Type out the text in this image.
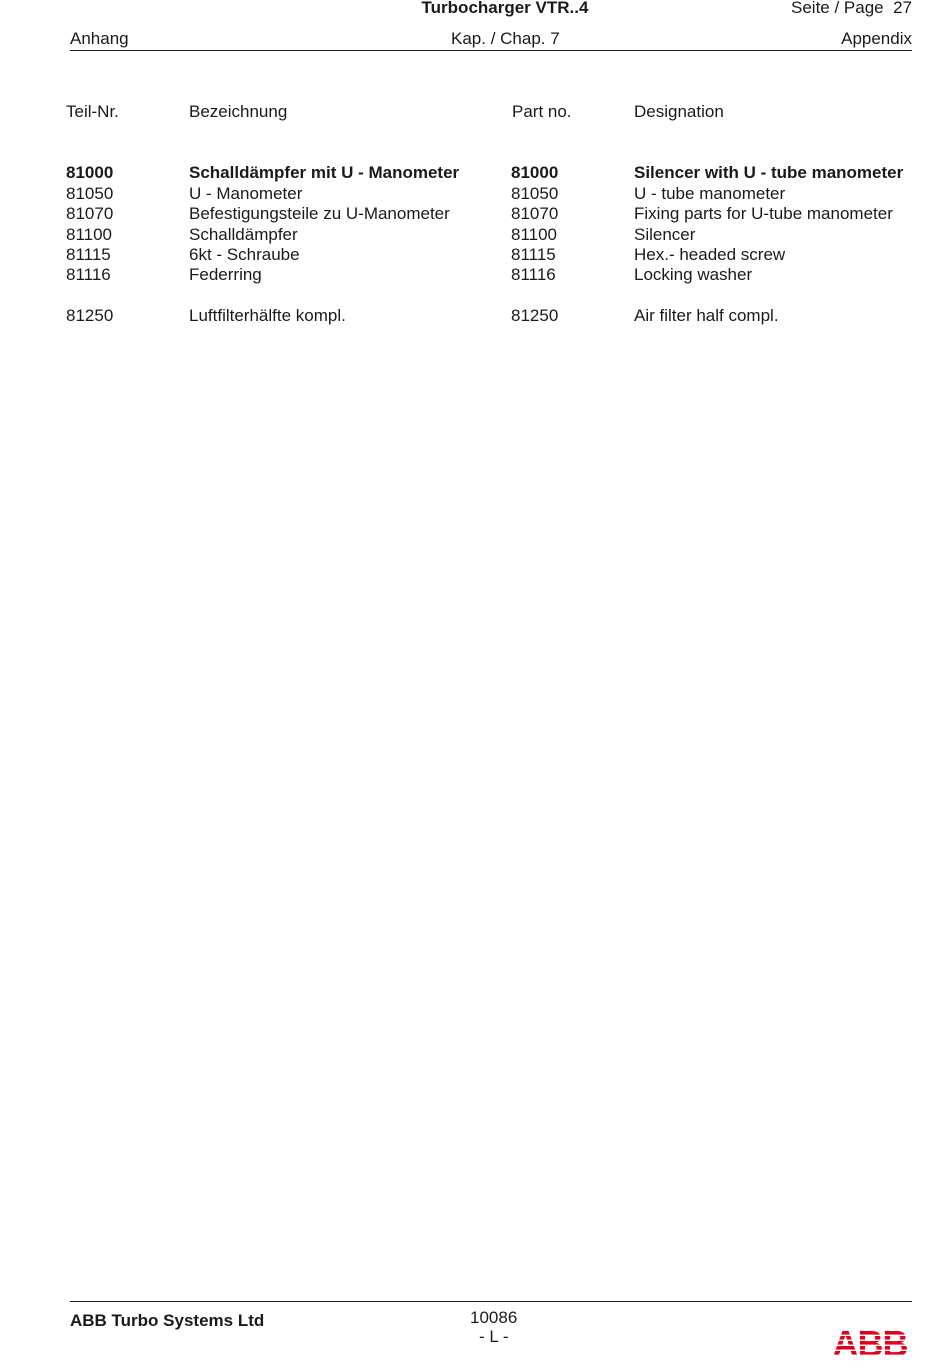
Turbocharger VTR..4	Seite / Page 27
Anhang	Kap. / Chap. 7	Appendix
Teil-Nr.	Bezeichnung	Part no.	Designation
81000	Schalldämpfer mit U - Manometer	81000	Silencer with U - tube manometer
81050	U - Manometer	81050	U - tube manometer
81070	Befestigungsteile zu U-Manometer	81070	Fixing parts for U-tube manometer
81100	Schalldämpfer	81100	Silencer
81115	6kt - Schraube	81115	Hex.- headed screw
81116	Federring	81116	Locking washer
81250	Luftfilterhälfte kompl.	81250	Air filter half compl.
ABB Turbo Systems Ltd	10086
- L -	ABB
